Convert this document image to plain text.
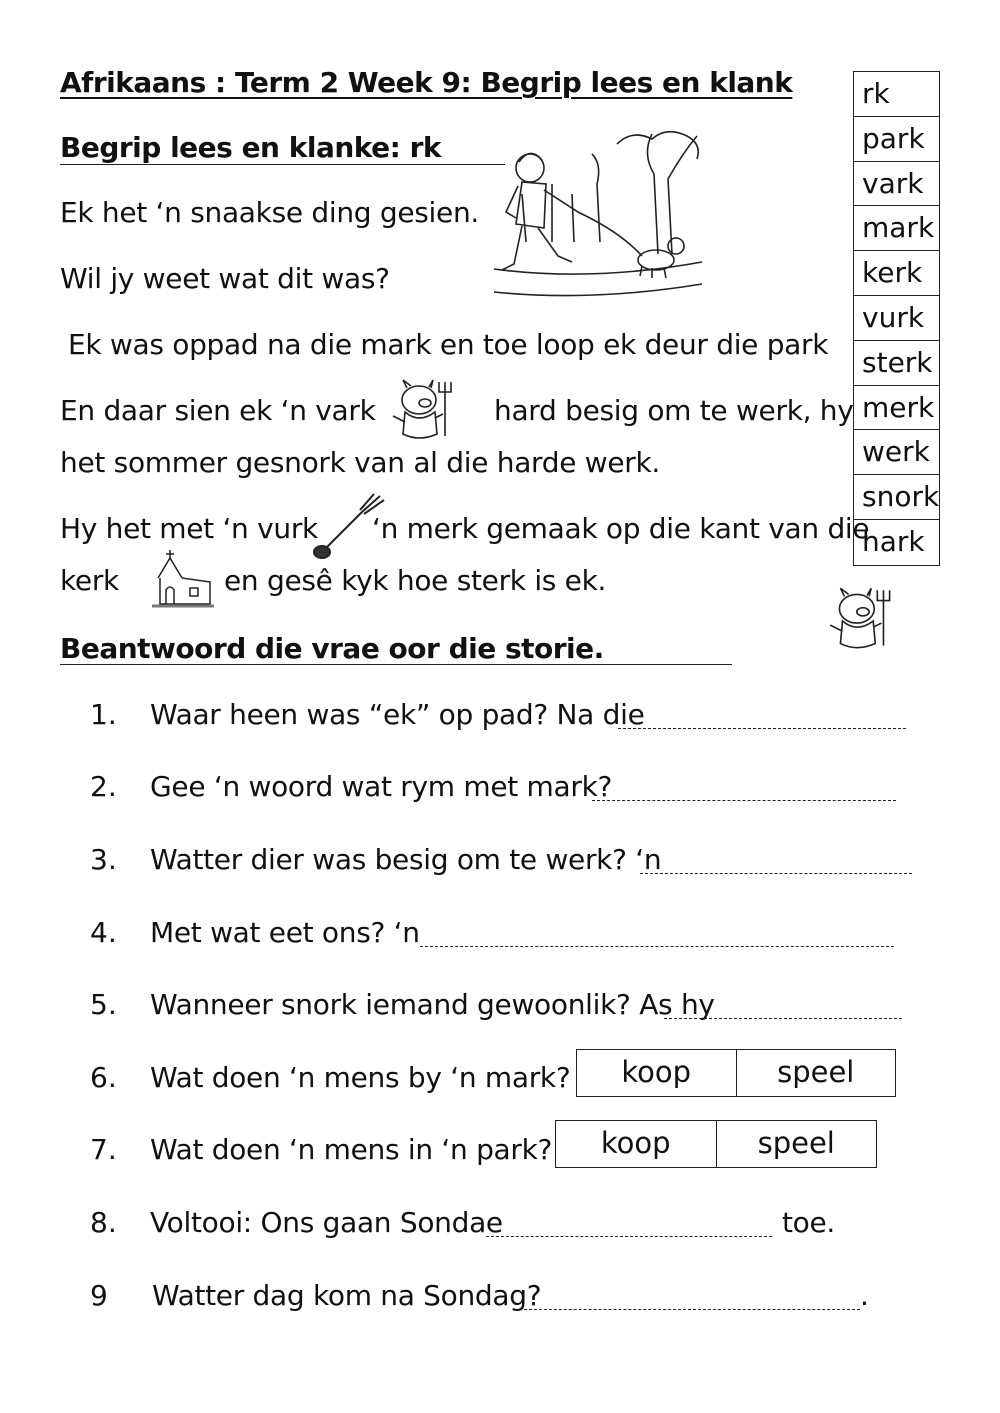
Afrikaans : Term 2 Week 9: Begrip lees en klank
Begrip lees en klanke: rk
rk
park
vark
mark
kerk
vurk
sterk
merk
werk
snork
hark
Ek het ‘n snaakse ding gesien.
Wil jy weet wat dit was?
Ek was oppad na die mark en toe loop ek deur die park
En daar sien ek ‘n vark	hard besig om te werk, hy
het sommer gesnork van al die harde werk.
Hy het met ‘n vurk ‘n merk gemaak op die kant van die
kerk	en gesê kyk hoe sterk is ek.
Beantwoord die vrae oor die storie.
1. Waar heen was “ek” op pad? Na die
2. Gee ‘n woord wat rym met mark?
3. Watter dier was besig om te werk? ‘n
4. Met wat eet ons? ‘n
5. Wanneer snork iemand gewoonlik? As hy
6. Wat doen ‘n mens by ‘n mark?	koop	speel
7. Wat doen ‘n mens in ‘n park?	koop	speel
8. Voltooi: Ons gaan Sondae	toe.
9 Watter dag kom na Sondag?	.
